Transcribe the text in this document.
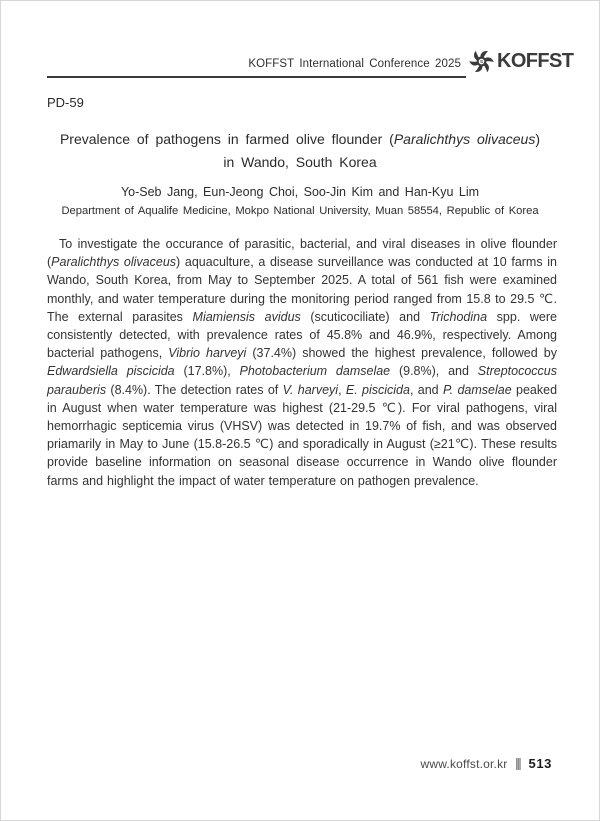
KOFFST International Conference 2025	S KOFFST
PD-59
Prevalence of pathogens in farmed olive flounder (Paralichthys olivaceus)
in Wando, South Korea
Yo-Seb Jang, Eun-Jeong Choi, Soo-Jin Kim and Han-Kyu Lim
Department of Aqualife Medicine, Mokpo National University, Muan 58554, Republic of Korea
To investigate the occurance of parasitic, bacterial, and viral diseases in olive flounder (Paralichthys olivaceus) aquaculture, a disease surveillance was conducted at 10 farms in Wando, South Korea, from May to September 2025. A total of 561 fish were examined monthly, and water temperature during the monitoring period ranged from 15.8 to 29.5 ℃. The external parasites Miamiensis avidus (scuticociliate) and Trichodina spp. were consistently detected, with prevalence rates of 45.8% and 46.9%, respectively. Among bacterial pathogens, Vibrio harveyi (37.4%) showed the highest prevalence, followed by Edwardsiella piscicida (17.8%), Photobacterium damselae (9.8%), and Streptococcus parauberis (8.4%). The detection rates of V. harveyi, E. piscicida, and P. damselae peaked in August when water temperature was highest (21-29.5 ℃). For viral pathogens, viral hemorrhagic septicemia virus (VHSV) was detected in 19.7% of fish, and was observed priamarily in May to June (15.8-26.5 ℃) and sporadically in August (≥21℃). These results provide baseline information on seasonal disease occurrence in Wando olive flounder farms and highlight the impact of water temperature on pathogen prevalence.
www.koffst.or.kr 513
